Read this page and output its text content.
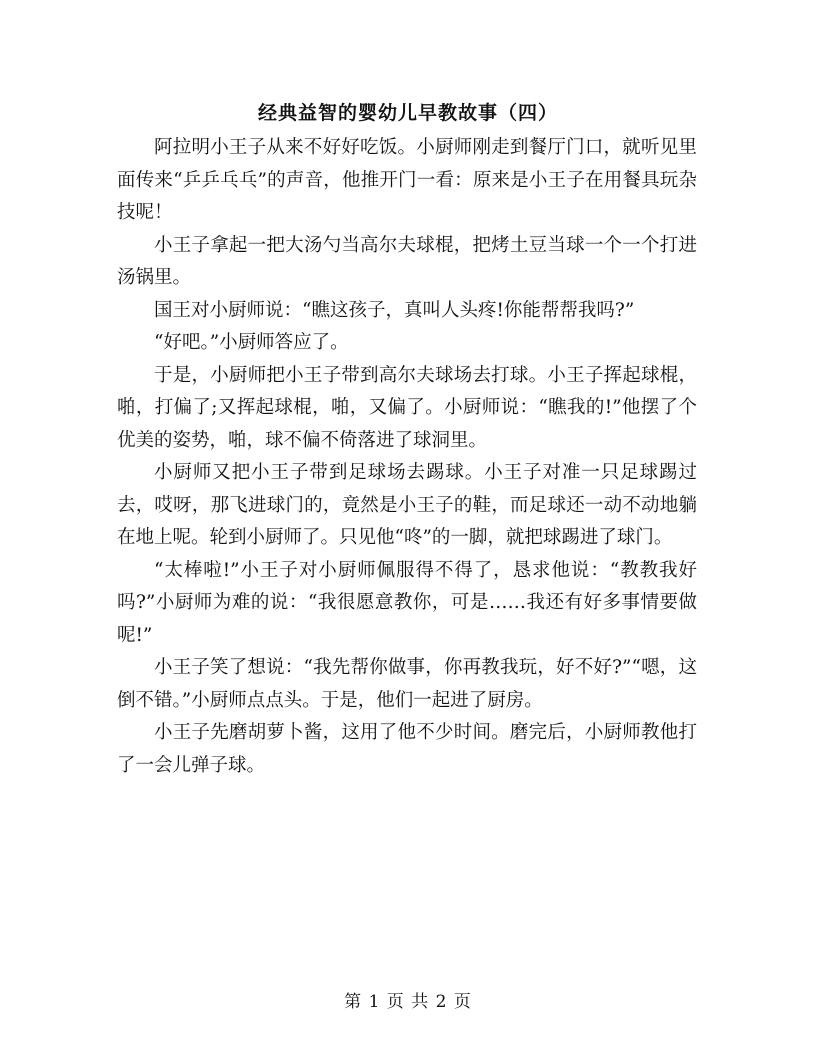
经典益智的婴幼儿早教故事（四）

阿拉明小王子从来不好好吃饭。小厨师刚走到餐厅门口，就听见里面传来“乒乒乓乓”的声音，他推开门一看：原来是小王子在用餐具玩杂技呢！

小王子拿起一把大汤勺当高尔夫球棍，把烤土豆当球一个一个打进汤锅里。

国王对小厨师说：“瞧这孩子，真叫人头疼!你能帮帮我吗?”

“好吧。”小厨师答应了。

于是，小厨师把小王子带到高尔夫球场去打球。小王子挥起球棍，啪，打偏了;又挥起球棍，啪，又偏了。小厨师说：“瞧我的!”他摆了个优美的姿势，啪，球不偏不倚落进了球洞里。

小厨师又把小王子带到足球场去踢球。小王子对准一只足球踢过去，哎呀，那飞进球门的，竟然是小王子的鞋，而足球还一动不动地躺在地上呢。轮到小厨师了。只见他“咚”的一脚，就把球踢进了球门。

“太棒啦!”小王子对小厨师佩服得不得了，恳求他说：“教教我好吗?”小厨师为难的说：“我很愿意教你，可是……我还有好多事情要做呢!”

小王子笑了想说：“我先帮你做事，你再教我玩，好不好?”“嗯，这倒不错。”小厨师点点头。于是，他们一起进了厨房。

小王子先磨胡萝卜酱，这用了他不少时间。磨完后，小厨师教他打了一会儿弹子球。

第 1 页 共 2 页
